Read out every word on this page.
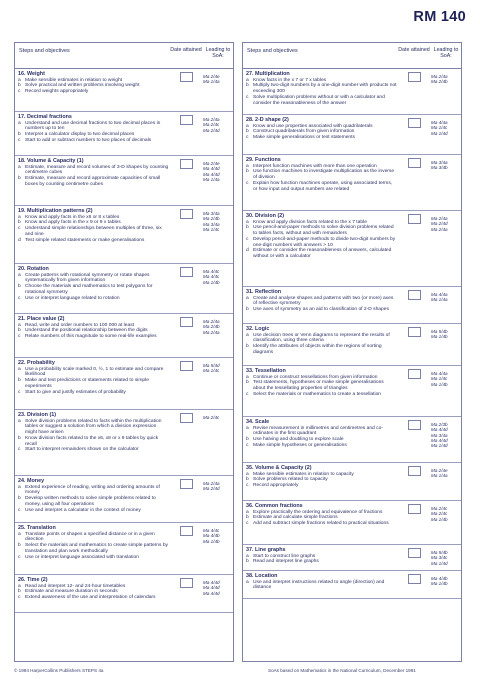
RM 140
Steps and objectives	Date attained Leading to SoA:
16. Weight
a Make sensible estimates in relation to weight
b Solve practical and written problems involving weight
c Record weights appropriately
Ma 2/4e
Ma 1/4a
17. Decimal fractions
a Understand and use decimal fractions to two decimal places in numbers up to ten
b Interpret a calculator display to two decimal places
c Start to add or subtract numbers to two places of decimals
Ma 2/4a
Ma 2/4c
Ma 2/4d
18. Volume & Capacity (1)
a Estimate, measure and record volumes of 3-D shapes by counting centimetre cubes
b Estimate, measure and record approximate capacities of small boxes by counting centimetre cubes
Ma 2/4e
Ma 4/4d
Ma 4/4d
Ma 1/4a
19. Multiplication patterns (2)
a Know and apply facts in the x6 or 8 x tables
b Know and apply facts in the x 9 or 9 x tables
c Understand simple relationships between multiples of three, six and nine
d Test simple related statements or make generalisations
Ma 3/4a
Ma 2/4b
Ma 3/4a
Ma 1/4c
20. Rotation
a Create patterns with rotational symmetry or rotate shapes systematically from given information
b Choose the materials and mathematics to test polygons for rotational symmetry
c Use or interpret language related to rotation
Ma 4/4c
Ma 4/4c
Ma 1/4b
21. Place value (2)
a Read, write and order numbers to 100 000 at least
b Understand the positional relationship between the digits
c Relate numbers of this magnitude to some real-life examples
Ma 2/4a
Ma 2/4b
Ma 2/4a
22. Probability
a Use a probability scale marked 0, ½, 1 to estimate and compare likelihood
b Make and test predictions or statements related to simple experiments
c Start to give and justify estimates of probability
Ma 5/4d
Ma 1/4c
23. Division (1)
a Solve division problems related to facts within the multiplication tables or suggest a solution from which a division expression might have arisen
b Know division facts related to the x6, x8 or x 9 tables by quick recall
c Start to interpret remainders shown on the calculator
Ma 2/4c
24. Money
a Extend experience of reading, writing and ordering amounts of money
b Develop written methods to solve simple problems related to money, using all four operations
c Use and interpret a calculator in the context of money
Ma 2/4a
Ma 2/4d
25. Translation
a Translate points or shapes a specified distance or in a given direction
b Select the materials and mathematics to create simple patterns by translation and plan work methodically
c Use or interpret language associated with translation
Ma 4/4c
Ma 4/4b
Ma 1/4b
26. Time (2)
a Read and interpret 12- and 24-hour timetables
b Estimate and measure duration in seconds
c Extend awareness of the use and interpretation of calendars
Ma 4/4d
Ma 4/4d
Ma 4/4d
Steps and objectives	Date attained Leading to SoA:
27. Multiplication
a Know facts in the x 7 or 7 x tables
b Multiply two-digit numbers by a one-digit number with products not exceeding 300
c Solve multiplication problems without or with a calculator and consider the reasonableness of the answer
Ma 2/4a
Ma 2/4b
28. 2-D shape (2)
a Know and use properties associated with quadrilaterals
b Construct quadrilaterals from given information
c Make simple generalisations or test statements
Ma 4/4a
Ma 1/4c
Ma 1/4d
29. Functions
a Interpret function machines with more than one operation
b Use function machines to investigate multiplication as the inverse of division
c Explain how function machines operate, using associated terms, or how input and output numbers are related
Ma 3/4a
Ma 3/4b
30. Division (2)
a Know and apply division facts related to the x 7 table
b Use pencil-and-paper methods to solve division problems related to tables facts, without and with remainders
c Develop pencil-and-paper methods to divide two-digit numbers by one-digit numbers with answers > 10
d Estimate or consider the reasonableness of answers, calculated without or with a calculator
Ma 2/4a
Ma 2/4d
Ma 2/4a
31. Reflection
a Create and analyse shapes and patterns with two (or more) axes of reflective symmetry
b Use axes of symmetry as an aid to classification of 2-D shapes
Ma 4/4a
Ma 1/4a
32. Logic
a Use decision trees or Venn diagrams to represent the results of classification, using three criteria
b Identify the attributes of objects within the regions of sorting diagrams
Ma 5/4b
Ma 1/4b
33. Tessellation
a Continue or construct tessellations from given information
b Test statements, hypotheses or make simple generalisations about the tessellating properties of triangles
c Select the materials or mathematics to create a tessellation
Ma 4/4a
Ma 1/4c
Ma 1/4b
34. Scale
a Revise measurement in millimetres and centimetres and co-ordinates in the first quadrant
b Use halving and doubling to explore scale
c Make simple hypotheses or generalisations
Ma 2/3b
Ma 4/4d
Ma 3/4a
Ma 4/4d
Ma 1/4d
35. Volume & Capacity (2)
a Make sensible estimates in relation to capacity
b Solve problems related to capacity
c Record appropriately
Ma 2/4e
Ma 1/4a
36. Common fractions
a Explore practically the ordering and equivalence of fractions
b Estimate and calculate simple fractions
c Add and subtract simple fractions related to practical situations
Ma 2/4c
Ma 2/4c
Ma 1/4b
37. Line graphs
a Start to construct line graphs
b Read and interpret line graphs
Ma 5/4b
Ma 3/4c
Ma 1/4d
38. Location
a Use and interpret instructions related to angle (direction) and distance
Ma 4/4b
Ma 1/4b
© 1994 HarperCollins Publishers STEPS 4a	SoAs based on Mathematics in the National Curriculum, December 1991
